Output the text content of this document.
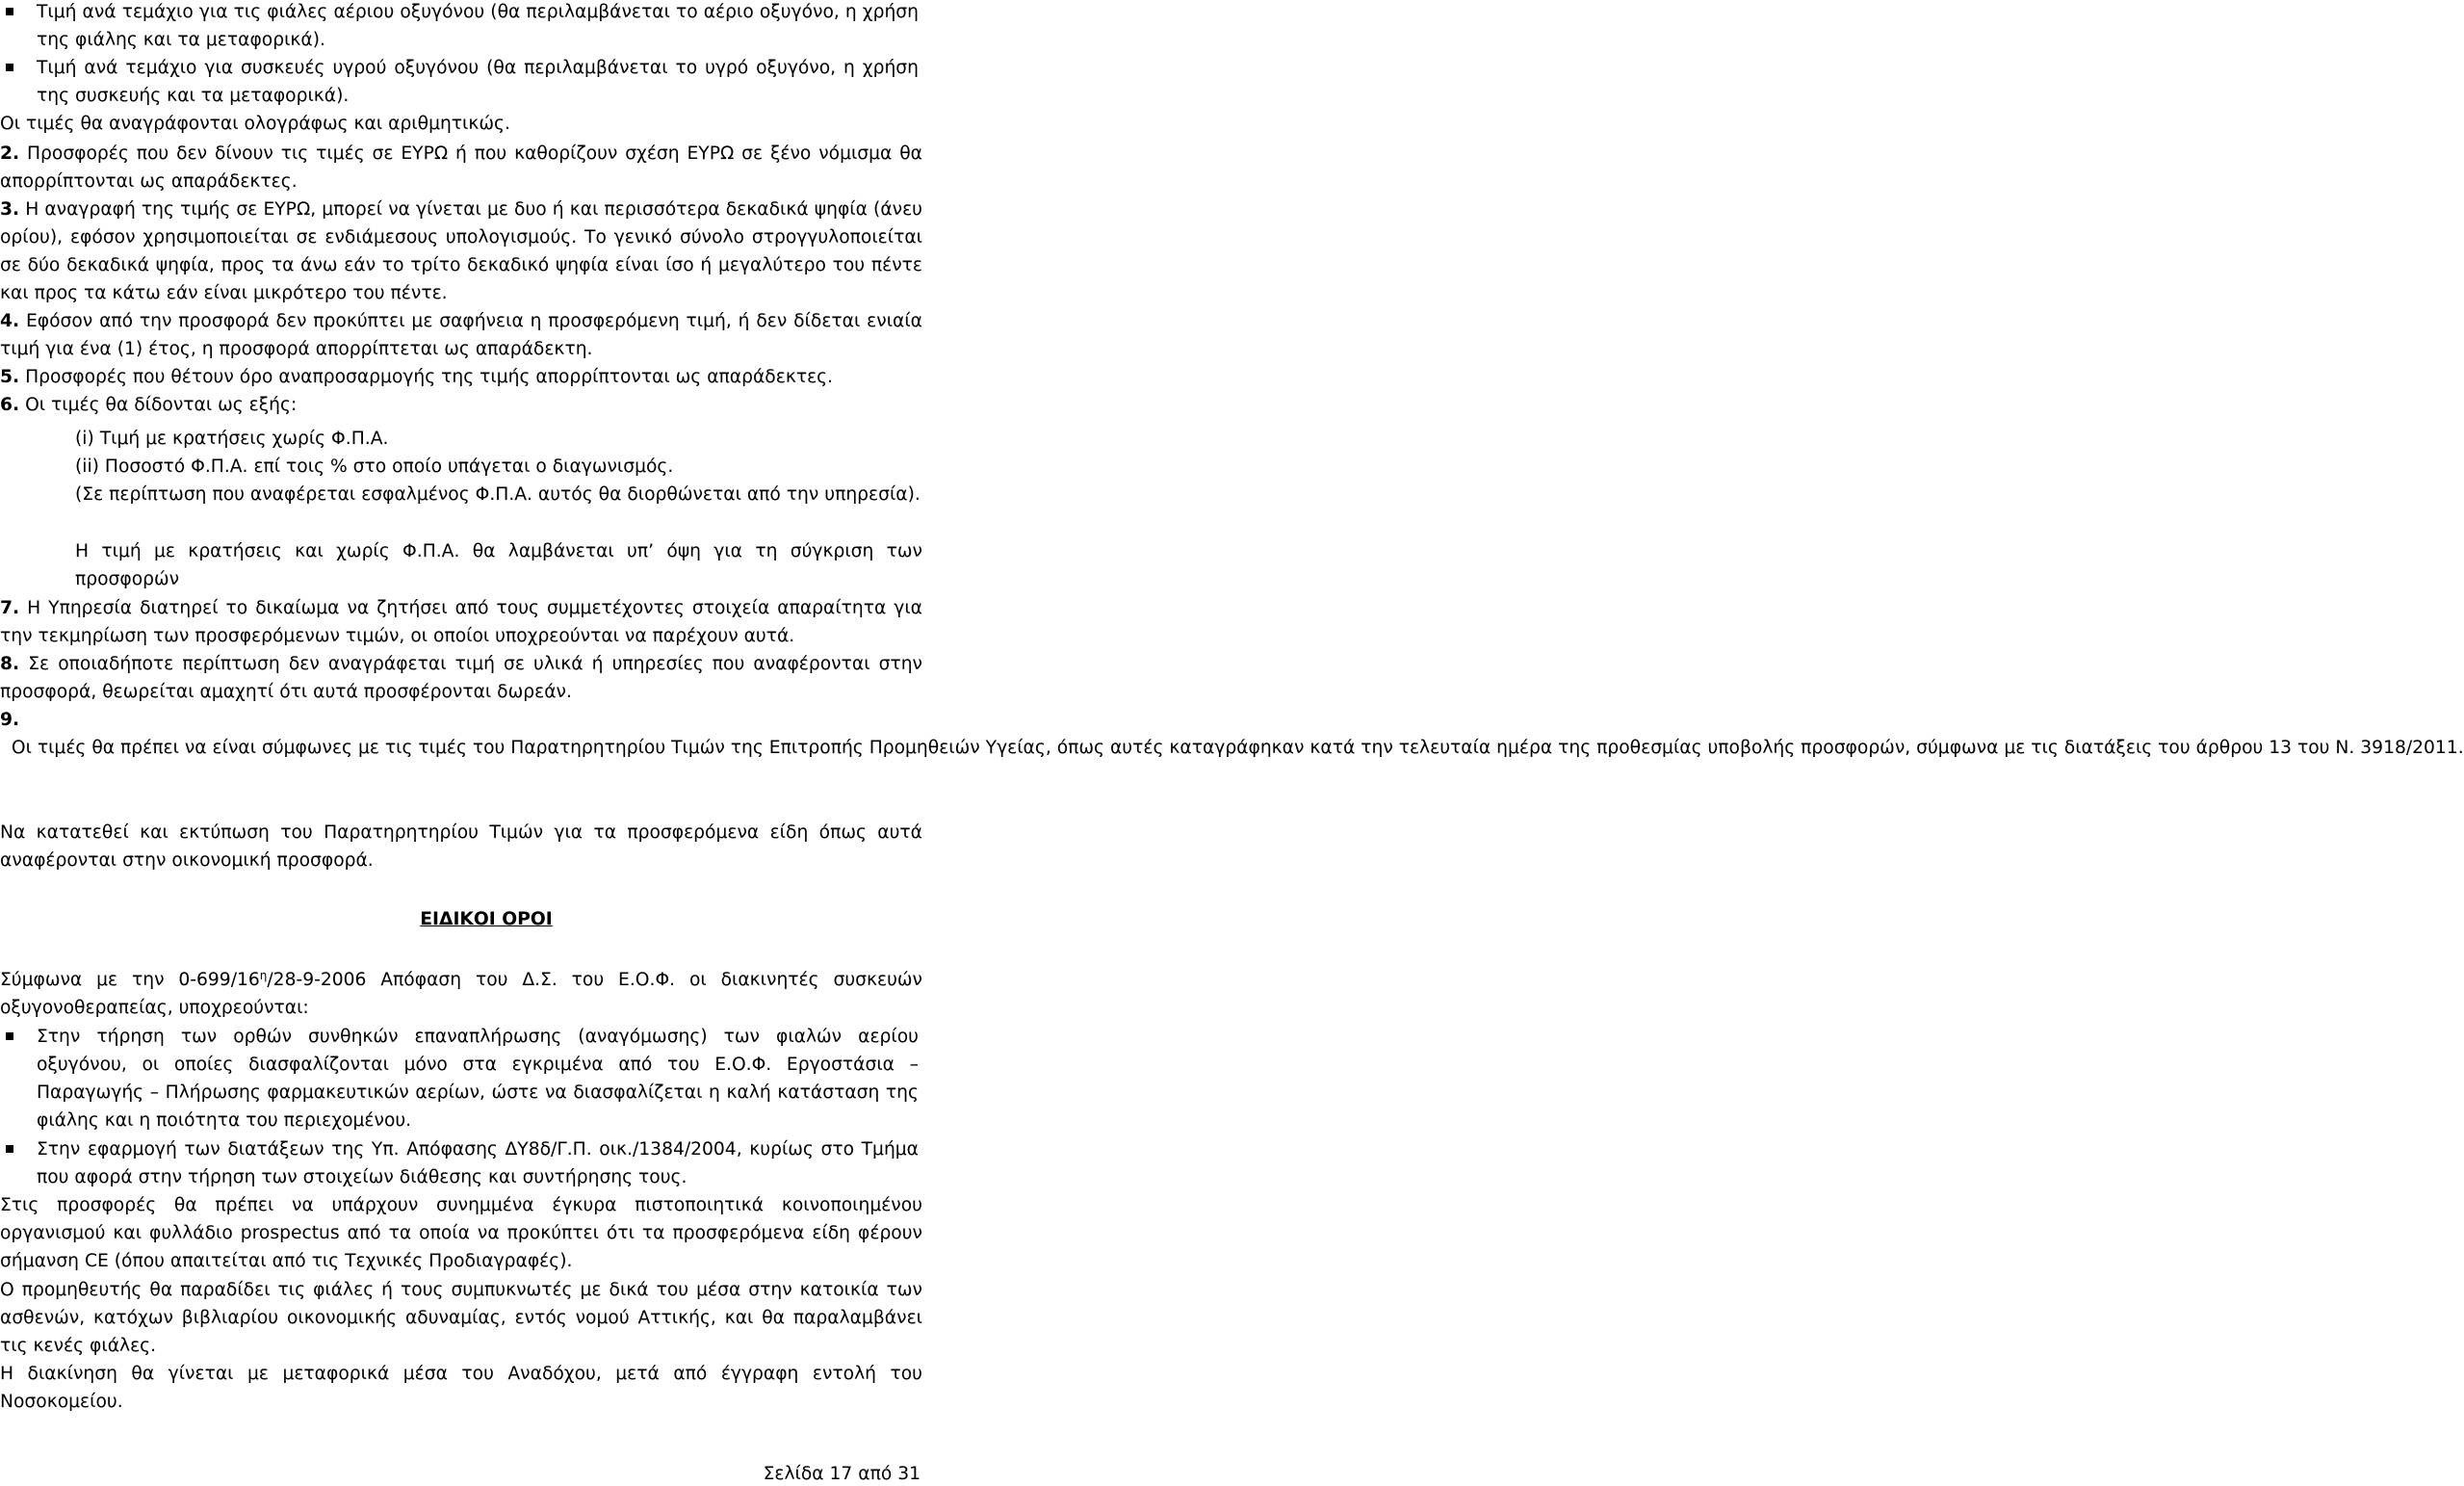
Τιμή ανά τεμάχιο για τις φιάλες αέριου οξυγόνου (θα περιλαμβάνεται το αέριο οξυγόνο, η χρήση της φιάλης και τα μεταφορικά).
Τιμή ανά τεμάχιο για συσκευές υγρού οξυγόνου (θα περιλαμβάνεται το υγρό οξυγόνο, η χρήση της συσκευής και τα μεταφορικά).
Οι τιμές θα αναγράφονται ολογράφως και αριθμητικώς.
2. Προσφορές που δεν δίνουν τις τιμές σε ΕΥΡΩ ή που καθορίζουν σχέση ΕΥΡΩ σε ξένο νόμισμα θα απορρίπτονται ως απαράδεκτες.
3. Η αναγραφή της τιμής σε ΕΥΡΩ, μπορεί να γίνεται με δυο ή και περισσότερα δεκαδικά ψηφία (άνευ ορίου), εφόσον χρησιμοποιείται σε ενδιάμεσους υπολογισμούς. Το γενικό σύνολο στρογγυλοποιείται σε δύο δεκαδικά ψηφία, προς τα άνω εάν το τρίτο δεκαδικό ψηφία είναι ίσο ή μεγαλύτερο του πέντε και προς τα κάτω εάν είναι μικρότερο του πέντε.
4. Εφόσον από την προσφορά δεν προκύπτει με σαφήνεια η προσφερόμενη τιμή, ή δεν δίδεται ενιαία τιμή για ένα (1) έτος, η προσφορά απορρίπτεται ως απαράδεκτη.
5. Προσφορές που θέτουν όρο αναπροσαρμογής της τιμής απορρίπτονται ως απαράδεκτες.
6. Οι τιμές θα δίδονται ως εξής:
(i) Τιμή με κρατήσεις χωρίς Φ.Π.Α.
(ii) Ποσοστό Φ.Π.Α. επί τοις % στο οποίο υπάγεται ο διαγωνισμός.
(Σε περίπτωση που αναφέρεται εσφαλμένος Φ.Π.Α. αυτός θα διορθώνεται από την υπηρεσία).
Η τιμή με κρατήσεις και χωρίς Φ.Π.Α. θα λαμβάνεται υπ’ όψη για τη σύγκριση των προσφορών
7. Η Υπηρεσία διατηρεί το δικαίωμα να ζητήσει από τους συμμετέχοντες στοιχεία απαραίτητα για την τεκμηρίωση των προσφερόμενων τιμών, οι οποίοι υποχρεούνται να παρέχουν αυτά.
8. Σε οποιαδήποτε περίπτωση δεν αναγράφεται τιμή σε υλικά ή υπηρεσίες που αναφέρονται στην προσφορά, θεωρείται αμαχητί ότι αυτά προσφέρονται δωρεάν.
9.  Οι τιμές θα πρέπει να είναι σύμφωνες με τις τιμές του Παρατηρητηρίου Τιμών της Επιτροπής Προμηθειών Υγείας, όπως αυτές καταγράφηκαν κατά την τελευταία ημέρα της προθεσμίας υποβολής προσφορών, σύμφωνα με τις διατάξεις του άρθρου 13 του Ν. 3918/2011.
Να κατατεθεί και εκτύπωση του Παρατηρητηρίου Τιμών για τα προσφερόμενα είδη όπως αυτά αναφέρονται στην οικονομική προσφορά.
ΕΙΔΙΚΟΙ ΟΡΟΙ
Σύμφωνα με την $0-699/16^\eta/28-9-2006$ Απόφαση του Δ.Σ. του Ε.Ο.Φ. οι διακινητές συσκευών οξυγονοθεραπείας, υποχρεούνται:
Στην τήρηση των ορθών συνθηκών επαναπλήρωσης (αναγόμωσης) των φιαλών αερίου οξυγόνου, οι οποίες διασφαλίζονται μόνο στα εγκριμένα από του Ε.Ο.Φ. Εργοστάσια – Παραγωγής – Πλήρωσης φαρμακευτικών αερίων, ώστε να διασφαλίζεται η καλή κατάσταση της φιάλης και η ποιότητα του περιεχομένου.
Στην εφαρμογή των διατάξεων της Υπ. Απόφασης ΔΥ8δ/Γ.Π. οικ./1384/2004, κυρίως στο Τμήμα που αφορά στην τήρηση των στοιχείων διάθεσης και συντήρησης τους.
Στις προσφορές θα πρέπει να υπάρχουν συνημμένα έγκυρα πιστοποιητικά κοινοποιημένου οργανισμού και φυλλάδιο prospectus από τα οποία να προκύπτει ότι τα προσφερόμενα είδη φέρουν σήμανση CE (όπου απαιτείται από τις Τεχνικές Προδιαγραφές).
Ο προμηθευτής θα παραδίδει τις φιάλες ή τους συμπυκνωτές με δικά του μέσα στην κατοικία των ασθενών, κατόχων βιβλιαρίου οικονομικής αδυναμίας, εντός νομού Αττικής, και θα παραλαμβάνει τις κενές φιάλες.
Η διακίνηση θα γίνεται με μεταφορικά μέσα του Αναδόχου, μετά από έγγραφη εντολή του Νοσοκομείου.
Σελίδα 17 από 31
